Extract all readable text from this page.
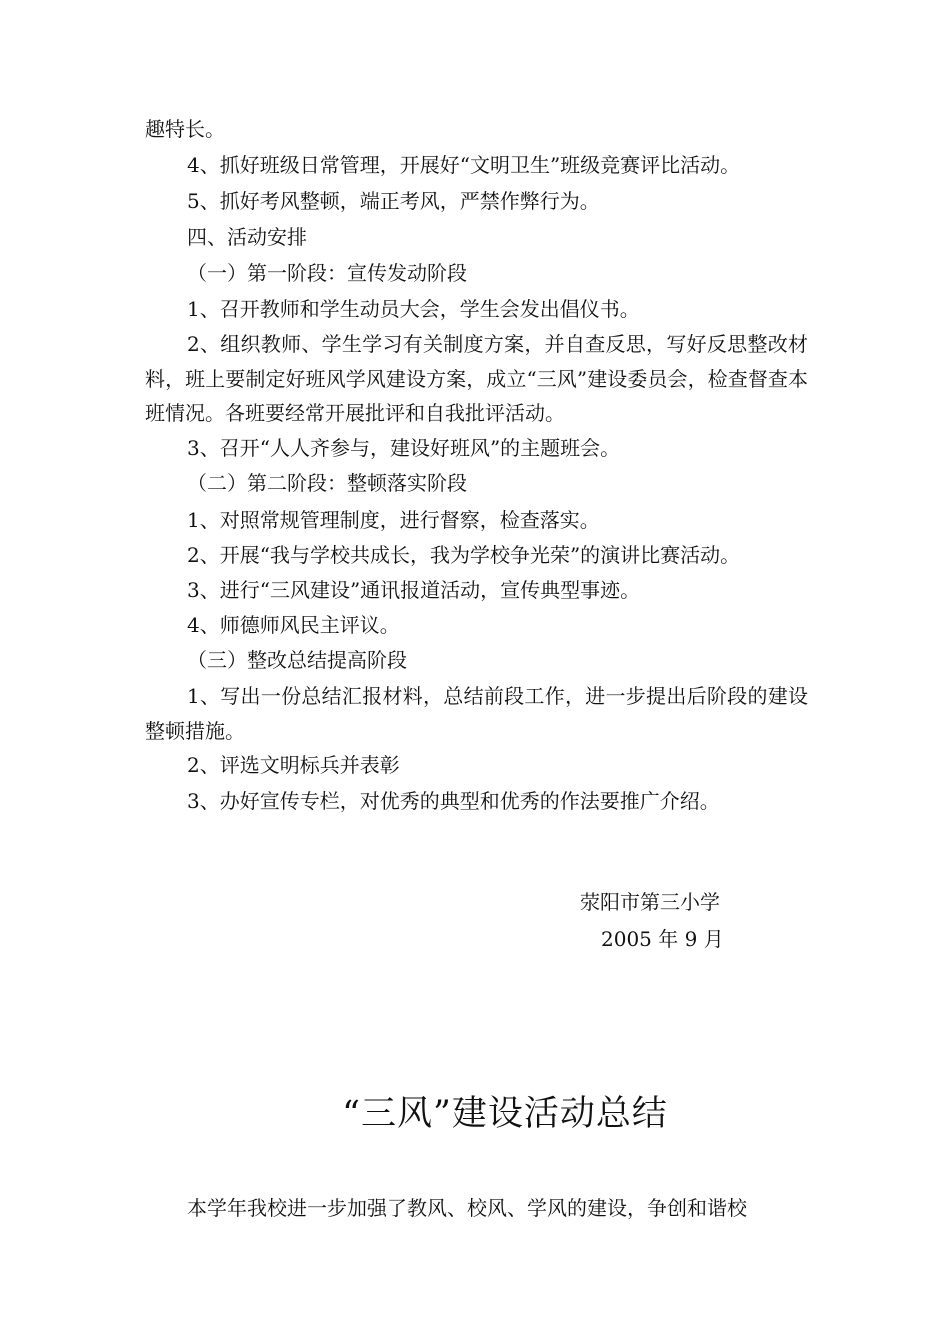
趣特长。
4、抓好班级日常管理，开展好“文明卫生”班级竞赛评比活动。
5、抓好考风整顿，端正考风，严禁作弊行为。
四、活动安排
（一）第一阶段：宣传发动阶段
1、召开教师和学生动员大会，学生会发出倡仪书。
2、组织教师、学生学习有关制度方案，并自查反思，写好反思整改材料，班上要制定好班风学风建设方案，成立“三风”建设委员会，检查督查本班情况。各班要经常开展批评和自我批评活动。
3、召开“人人齐参与，建设好班风”的主题班会。
（二）第二阶段：整顿落实阶段
1、对照常规管理制度，进行督察，检查落实。
2、开展“我与学校共成长，我为学校争光荣”的演讲比赛活动。
3、进行“三风建设”通讯报道活动，宣传典型事迹。
4、师德师风民主评议。
（三）整改总结提高阶段
1、写出一份总结汇报材料，总结前段工作，进一步提出后阶段的建设整顿措施。
2、评选文明标兵并表彰
3、办好宣传专栏，对优秀的典型和优秀的作法要推广介绍。
荥阳市第三小学
2005 年 9 月
“三风”建设活动总结
本学年我校进一步加强了教风、校风、学风的建设，争创和谐校
